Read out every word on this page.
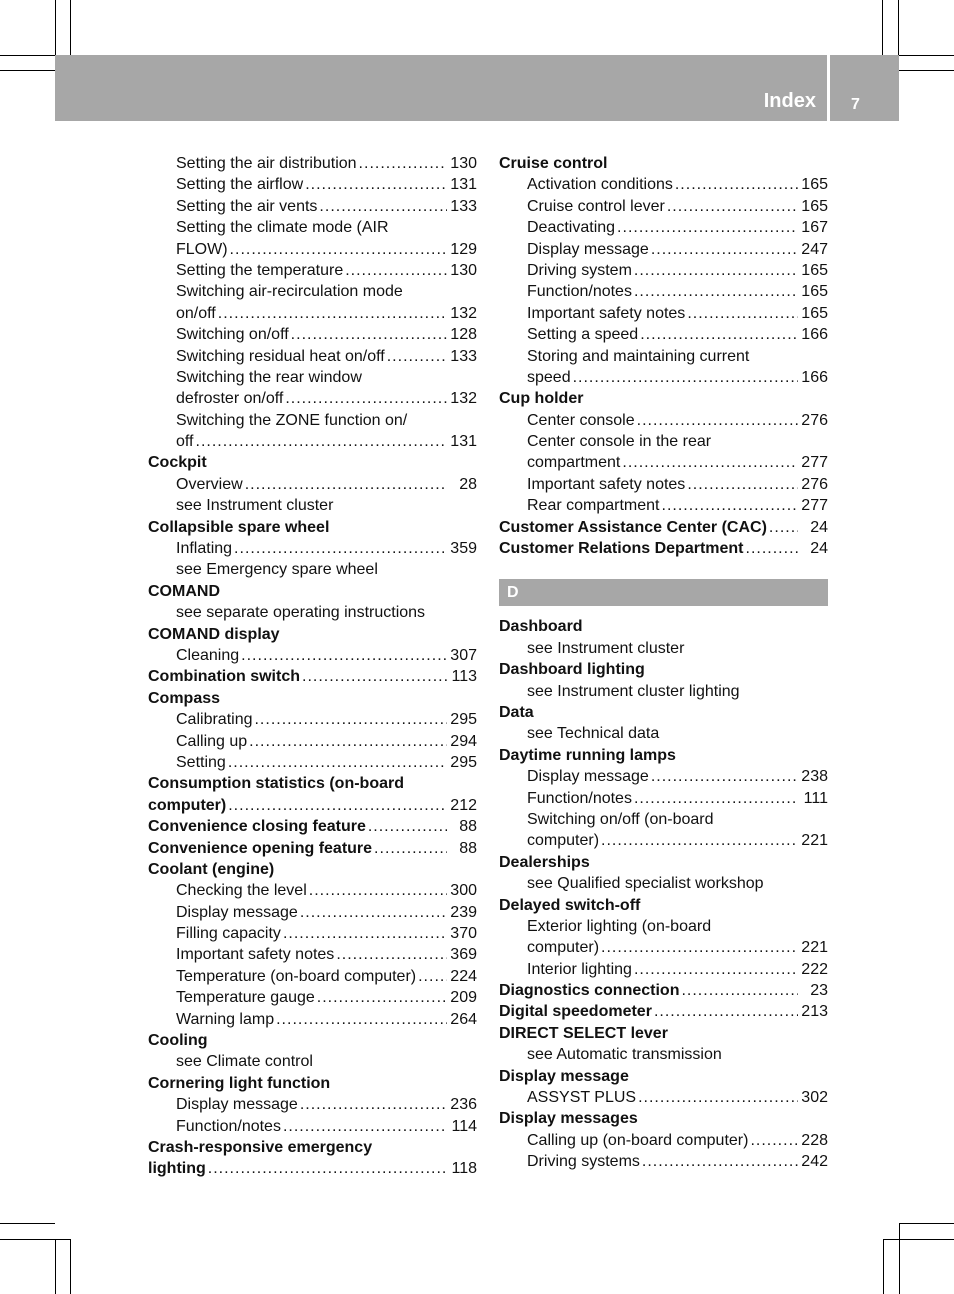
Index 7
Setting the air distribution .....	130
Setting the airflow .....	131
Setting the air vents .....	133
Setting the climate mode (AIR
FLOW) .....	129
Setting the temperature .....	130
Switching air-recirculation mode
on/off .....	132
Switching on/off .....	128
Switching residual heat on/off .....	133
Switching the rear window
defroster on/off .....	132
Switching the ZONE function on/
off .....	131
Cockpit
Overview .....	28
see Instrument cluster
Collapsible spare wheel
Inflating .....	359
see Emergency spare wheel
COMAND
see separate operating instructions
COMAND display
Cleaning .....	307
Combination switch .....	113
Compass
Calibrating .....	295
Calling up .....	294
Setting .....	295
Consumption statistics (on-board
computer) .....	212
Convenience closing feature .....	88
Convenience opening feature .....	88
Coolant (engine)
Checking the level .....	300
Display message .....	239
Filling capacity .....	370
Important safety notes .....	369
Temperature (on-board computer) ..... 224
Temperature gauge .....	209
Warning lamp .....	264
Cooling
see Climate control
Cornering light function
Display message .....	236
Function/notes .....	114
Crash-responsive emergency
lighting .....	118
Cruise control
Activation conditions .....	165
Cruise control lever .....	165
Deactivating .....	167
Display message .....	247
Driving system .....	165
Function/notes .....	165
Important safety notes .....	165
Setting a speed .....	166
Storing and maintaining current
speed .....	166
Cup holder
Center console .....	276
Center console in the rear
compartment .....	277
Important safety notes .....	276
Rear compartment .....	277
Customer Assistance Center (CAC) .....	24
Customer Relations Department .....	24
D
Dashboard
see Instrument cluster
Dashboard lighting
see Instrument cluster lighting
Data
see Technical data
Daytime running lamps
Display message .....	238
Function/notes .....	111
Switching on/off (on-board
computer) .....	221
Dealerships
see Qualified specialist workshop
Delayed switch-off
Exterior lighting (on-board
computer) .....	221
Interior lighting .....	222
Diagnostics connection .....	23
Digital speedometer .....	213
DIRECT SELECT lever
see Automatic transmission
Display message
ASSYST PLUS .....	302
Display messages
Calling up (on-board computer) .....	228
Driving systems .....	242
